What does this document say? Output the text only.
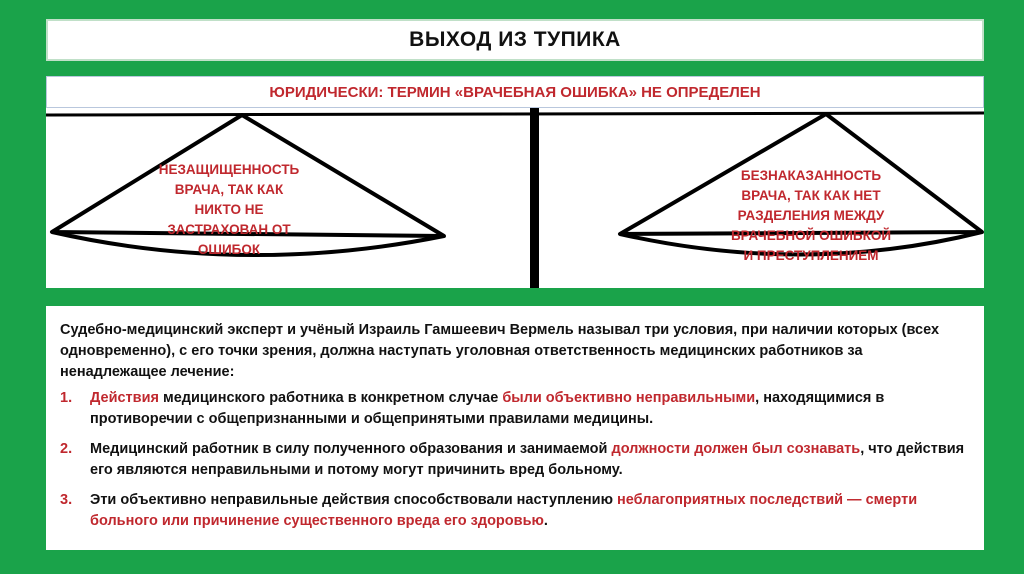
ВЫХОД ИЗ ТУПИКА
ЮРИДИЧЕСКИ: ТЕРМИН «ВРАЧЕБНАЯ ОШИБКА» НЕ ОПРЕДЕЛЕН
НЕЗАЩИЩЕННОСТЬ ВРАЧА, ТАК КАК НИКТО НЕ ЗАСТРАХОВАН ОТ ОШИБОК
БЕЗНАКАЗАННОСТЬ ВРАЧА, ТАК КАК НЕТ РАЗДЕЛЕНИЯ МЕЖДУ ВРАЧЕБНОЙ ОШИБКОЙ И ПРЕСТУПЛЕНИЕМ

Судебно-медицинский эксперт и учёный Израиль Гамшеевич Вермель называл три условия, при наличии которых (всех одновременно), с его точки зрения, должна наступать уголовная ответственность медицинских работников за ненадлежащее лечение:

1.	Действия медицинского работника в конкретном случае были объективно неправильными, находящимися в противоречии с общепризнанными и общепринятыми правилами медицины.
2.	Медицинский работник в силу полученного образования и занимаемой должности должен был сознавать, что действия его являются неправильными и потому могут причинить вред больному.
3.	Эти объективно неправильные действия способствовали наступлению неблагоприятных последствий — смерти больного или причинение существенного вреда его здоровью.
